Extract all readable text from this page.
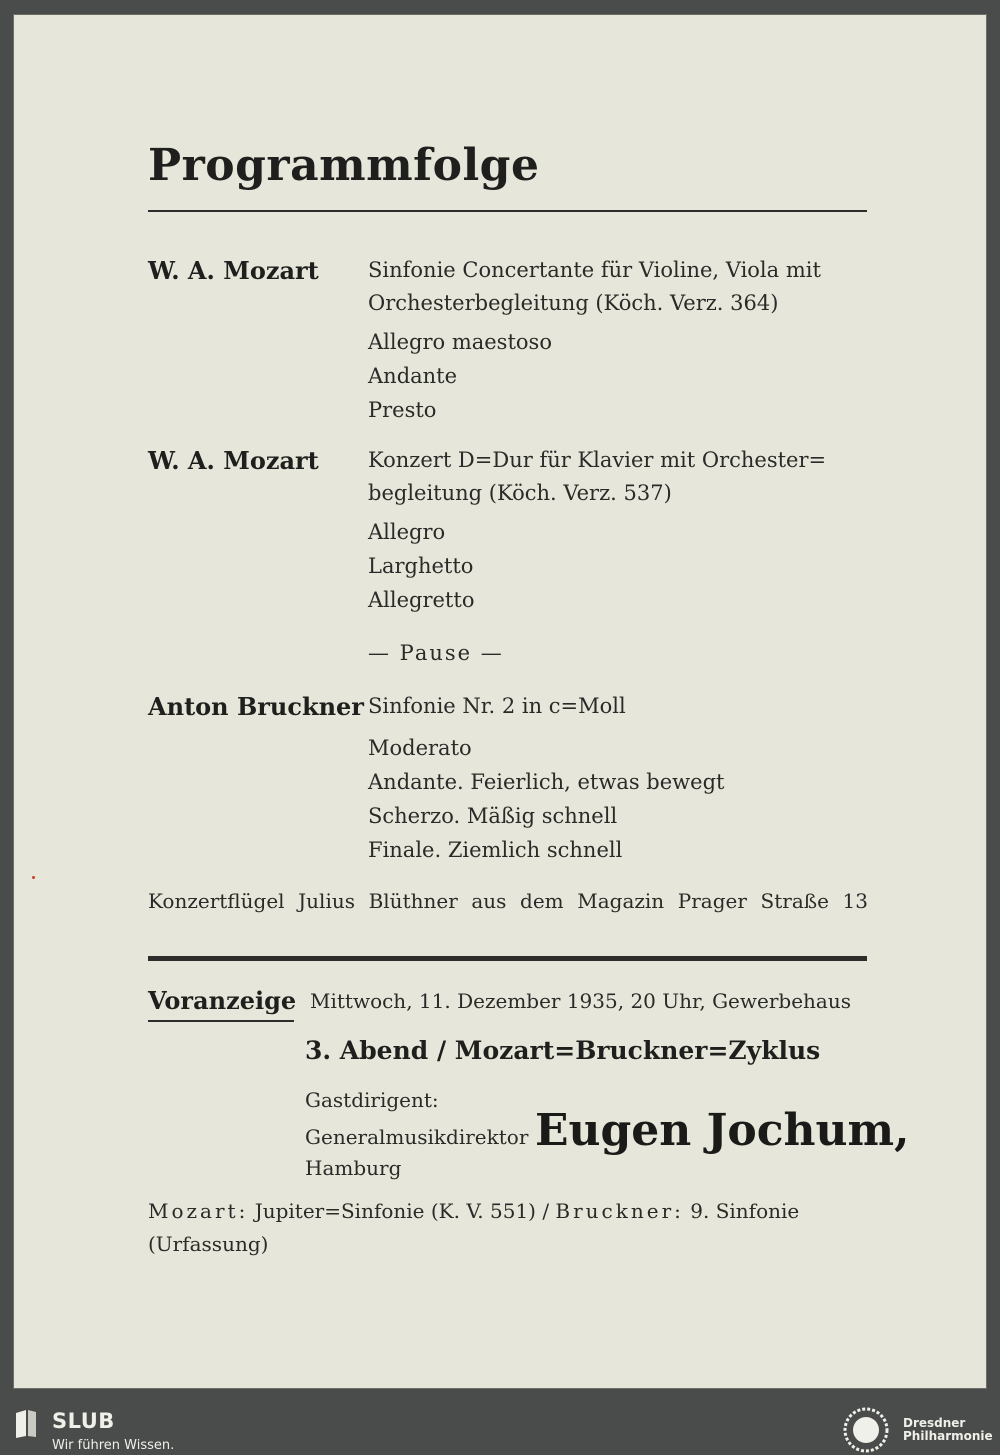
Programmfolge
W. A. Mozart Sinfonie Concertante für Violine, Viola mit
Orchesterbegleitung (Köch. Verz. 364)
Allegro maestoso
Andante
Presto
W. A. Mozart Konzert D=Dur für Klavier mit Orchester=
begleitung (Köch. Verz. 537)
Allegro
Larghetto
Allegretto
— Pause —
Anton Bruckner Sinfonie Nr. 2 in c=Moll
Moderato
Andante. Feierlich, etwas bewegt
Scherzo. Mäßig schnell
Finale. Ziemlich schnell
Konzertflügel Julius Blüthner aus dem Magazin Prager Straße 13
Voranzeige Mittwoch, 11. Dezember 1935, 20 Uhr, Gewerbehaus
3. Abend / Mozart=Bruckner=Zyklus
Gastdirigent:
Generalmusikdirektor Eugen Jochum,
Hamburg
Mozart: Jupiter=Sinfonie (K. V. 551) / Bruckner: 9. Sinfonie
(Urfassung)
SLUB
Wir führen Wissen.
Dresdner
Philharmonie
